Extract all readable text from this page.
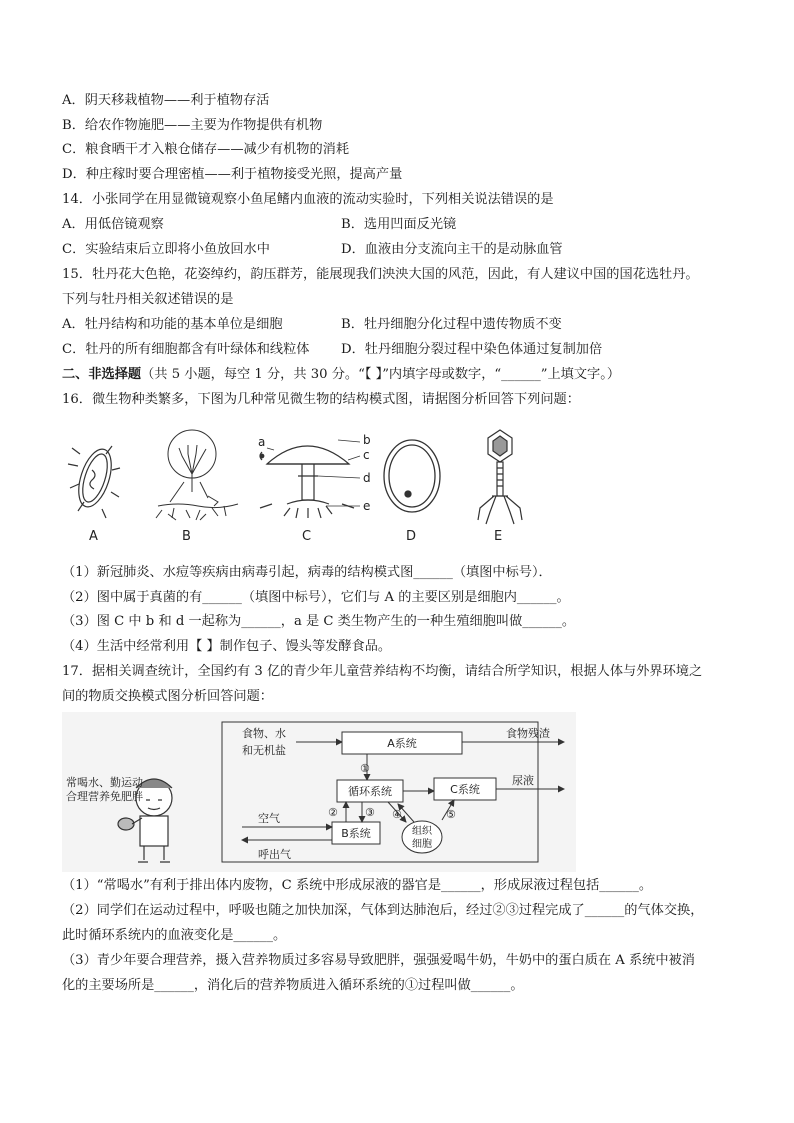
A．阴天移栽植物——利于植物存活
B．给农作物施肥——主要为作物提供有机物
C．粮食晒干才入粮仓储存——减少有机物的消耗
D．种庄稼时要合理密植——利于植物接受光照，提高产量
14．小张同学在用显微镜观察小鱼尾鳍内血液的流动实验时，下列相关说法错误的是
A．用低倍镜观察	B．选用凹面反光镜
C．实验结束后立即将小鱼放回水中	D．血液由分支流向主干的是动脉血管
15．牡丹花大色艳，花姿绰约，韵压群芳，能展现我们泱泱大国的风范，因此，有人建议中国的国花选牡丹。
下列与牡丹相关叙述错误的是
A．牡丹结构和功能的基本单位是细胞	B．牡丹细胞分化过程中遗传物质不变
C．牡丹的所有细胞都含有叶绿体和线粒体 D．牡丹细胞分裂过程中染色体通过复制加倍
二、非选择题（共 5 小题，每空 1 分，共 30 分。“【 】”内填字母或数字，“______”上填文字。）
16．微生物种类繁多，下图为几种常见微生物的结构模式图，请据图分析回答下列问题：
a	b
c
d
e
A	B	C	D	E
（1）新冠肺炎、水痘等疾病由病毒引起，病毒的结构模式图______（填图中标号）．
（2）图中属于真菌的有______（填图中标号），它们与 A 的主要区别是细胞内______。
（3）图 C 中 b 和 d 一起称为______，a 是 C 类生物产生的一种生殖细胞叫做______。
（4）生活中经常利用【 】制作包子、馒头等发酵食品。
17．据相关调查统计，全国约有 3 亿的青少年儿童营养结构不均衡，请结合所学知识，根据人体与外界环境之
间的物质交换模式图分析回答问题：
常喝水、勤运动
合理营养免肥胖
食物、水
和无机盐
A系统
食物残渣
①
循环系统	C系统
尿液
B系统
② ③
空气
呼出气
组织
细胞
④	⑤
（1）“常喝水”有利于排出体内废物，C 系统中形成尿液的器官是______，形成尿液过程包括______。
（2）同学们在运动过程中，呼吸也随之加快加深，气体到达肺泡后，经过②③过程完成了______的气体交换，
此时循环系统内的血液变化是______。
（3）青少年要合理营养，摄入营养物质过多容易导致肥胖，强强爱喝牛奶，牛奶中的蛋白质在 A 系统中被消
化的主要场所是______，消化后的营养物质进入循环系统的①过程叫做______。
